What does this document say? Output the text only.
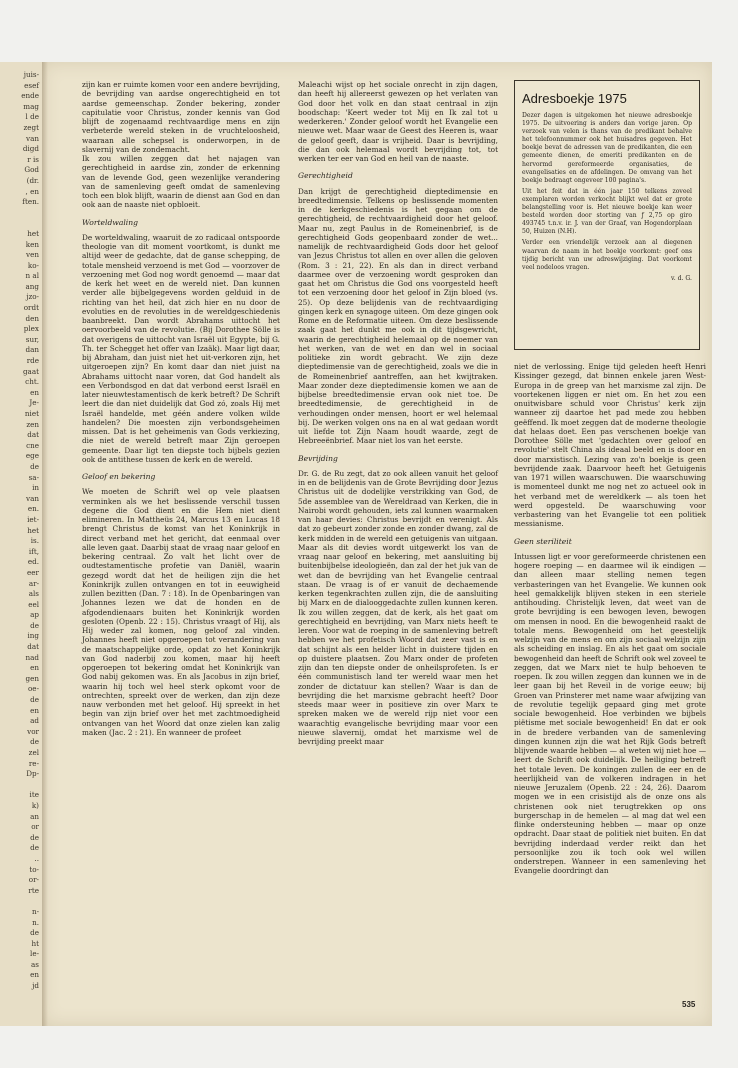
juis-
esef
ende
mag
l de
zegt
van
digd
r is
God
(dr.
, en
ften.

het
ken
ven
ko-
n al
ang
jzo-
ordt
den
plex
sur,
dan
rde
gaat
cht.
en
Je-
niet
zen
dat
cne
ege
de
sa-
in
van
en.
iet-
het
is.
ift,
ed.
eer
ar-
als
eel
ap
de
ing
dat
nad
en
gen
oe-
de
en
ad
vor
de
zel
re-
Dp-

ite
k)
an
or
de
de
..
to-
or-
rte

n-
n.
de
ht
le-
as
en
jd

zijn kan er ruimte komen voor een andere bevrijding, de bevrijding van aardse ongerechtigheid en tot aardse gemeenschap. Zonder bekering, zonder capitulatie voor Christus, zonder kennis van God blijft de zogenaamd rechtvaardige mens en zijn verbeterde wereld steken in de vruchteloosheid, waaraan alle schepsel is onderworpen, in de slavernij van de zondemacht.

Ik zou willen zeggen dat het najagen van gerechtigheid in aardse zin, zonder de erkenning van de levende God, geen wezenlijke verandering van de samenleving geeft omdat de samenleving toch een blok blijft, waarin de dienst aan God en dan ook aan de naaste niet opbloeit.

Worteldwaling

De worteldwaling, waaruit de zo radicaal ontspoorde theologie van dit moment voortkomt, is dunkt me altijd weer de gedachte, dat de ganse schepping, de totale mensheid verzoend is met God — voorzover de verzoening met God nog wordt genoemd — maar dat de kerk het weet en de wereld niet. Dan kunnen verder alle bijbelgegevens worden gelduid in de richting van het heil, dat zich hier en nu door de evoluties en de revoluties in de wereldgeschiedenis baanbreekt. Dan wordt Abrahams uittocht het oervoorbeeld van de revolutie. (Bij Dorothee Sölle is dat overigens de uittocht van Israël uit Egypte, bij G. Th. ter Schegget het offer van Izaäk). Maar ligt daar, bij Abraham, dan juist niet het uit-verkoren zijn, het uitgeroepen zijn? En komt daar dan niet juist na Abrahams uittocht naar voren, dat God handelt als een Verbondsgod en dat dat verbond eerst Israël en later nieuwtestamentisch de kerk betreft? De Schrift leert die dan niet duidelijk dat God zó, zoals Hij met Israël handelde, met géén andere volken wilde handelen? Die moesten zijn verbondsgeheimen missen. Dat is het geheimenis van Gods verkiezing, die niet de wereld betreft maar Zijn geroepen gemeente. Daar ligt ten diepste toch bijbels gezien ook de antithese tussen de kerk en de wereld.

Geloof en bekering

We moeten de Schrift wel op vele plaatsen verminken als we het beslissende verschil tussen degene die God dient en die Hem niet dient elimineren. In Mattheüs 24, Marcus 13 en Lucas 18 brengt Christus de komst van het Koninkrijk in direct verband met het gericht, dat eenmaal over alle leven gaat. Daarbij staat de vraag naar geloof en bekering centraal. Zo valt het licht over de oudtestamentische profetie van Daniël, waarin gezegd wordt dat het de heiligen zijn die het Koninkrijk zullen ontvangen en tot in eeuwigheid zullen bezitten (Dan. 7 : 18). In de Openbaringen van Johannes lezen we dat de honden en de afgodendienaars buiten het Koninkrijk worden gesloten (Openb. 22 : 15). Christus vraagt of Hij, als Hij weder zal komen, nog geloof zal vinden. Johannes heeft niet opgeroepen tot verandering van de maatschappelijke orde, opdat zo het Koninkrijk van God naderbij zou komen, maar hij heeft opgeroepen tot bekering omdat het Koninkrijk van God nabij gekomen was. En als Jacobus in zijn brief, waarin hij toch wel heel sterk opkomt voor de ontrechten, spreekt over de werken, dan zijn deze nauw verbonden met het geloof. Hij spreekt in het begin van zijn brief over het met zachtmoedigheid ontvangen van het Woord dat onze zielen kan zalig maken (Jac. 2 : 21). En wanneer de profeet

Maleachi wijst op het sociale onrecht in zijn dagen, dan heeft hij allereerst gewezen op het verlaten van God door het volk en dan staat centraal in zijn boodschap: 'Keert weder tot Mij en Ik zal tot u wederkeren.' Zonder geloof wordt het Evangelie een nieuwe wet. Maar waar de Geest des Heeren is, waar de geloof geeft, daar is vrijheid. Daar is bevrijding, die dan ook helemaal wordt bevrijding tot, tot werken ter eer van God en heil van de naaste.

Gerechtigheid

Dan krijgt de gerechtigheid dieptedimensie en breedtedimensie. Telkens op beslissende momenten in de kerkgeschiedenis is het gegaan om de gerechtigheid, de rechtvaardigheid door het geloof. Maar nu, zegt Paulus in de Romeinenbrief, is de gerechtigheid Gods geopenbaard zonder de wet... namelijk de rechtvaardigheid Gods door het geloof van Jezus Christus tot allen en over allen die geloven (Rom. 3 : 21, 22). En als dan in direct verband daarmee over de verzoening wordt gesproken dan gaat het om Christus die God ons voorgesteld heeft tot een verzoening door het geloof in Zijn bloed (vs. 25). Op deze belijdenis van de rechtvaardiging gingen kerk en synagoge uiteen. Om deze gingen ook Rome en de Reformatie uiteen. Om deze beslissende zaak gaat het dunkt me ook in dit tijdsgewricht, waarin de gerechtigheid helemaal op de noemer van het werken, van de wet en dan wel in sociaal politieke zin wordt gebracht. We zijn deze dieptedimensie van de gerechtigheid, zoals we die in de Romeinenbrief aantreffen, aan het kwijtraken. Maar zonder deze dieptedimensie komen we aan de bijbelse breedtedimensie ervan ook niet toe. De breedtedimensie, de gerechtigheid in de verhoudingen onder mensen, hoort er wel helemaal bij. De werken volgen ons na en al wat gedaan wordt uit liefde tot Zijn Naam houdt waarde, zegt de Hebreeënbrief. Maar niet los van het eerste.

Bevrijding

Dr. G. de Ru zegt, dat zo ook alleen vanuit het geloof in en de belijdenis van de Grote Bevrijding door Jezus Christus uit de dodelijke verstrikking van God, de 5de assemblee van de Wereldraad van Kerken, die in Nairobi wordt gehouden, iets zal kunnen waarmaken van haar devies: Christus bevrijdt en verenigt. Als dat zo gebeurt zonder zonde en zonder dwang, zal de kerk midden in de wereld een getuigenis van uitgaan. Maar als dit devies wordt uitgewerkt los van de vraag naar geloof en bekering, met aansluiting bij buitenbijbelse ideologieën, dan zal der het juk van de wet dan de bevrijding van het Evangelie centraal staan. De vraag is of er vanuit de dechaemende kerken tegenkrachten zullen zijn, die de aansluiting bij Marx en de dialooggedachte zullen kunnen keren. Ik zou willen zeggen, dat de kerk, als het gaat om gerechtigheid en bevrijding, van Marx niets heeft te leren. Voor wat de roeping in de samenleving betreft hebben we het profetisch Woord dat zeer vast is en dat schijnt als een helder licht in duistere tijden en op duistere plaatsen. Zou Marx onder de profeten zijn dan ten diepste onder de onheilsprofeten. Is er één communistisch land ter wereld waar men het zonder de dictatuur kan stellen? Waar is dan de bevrijding die het marxisme gebracht heeft? Door steeds maar weer in positieve zin over Marx te spreken maken we de wereld rijp niet voor een waarachtig evangelische bevrijding maar voor een nieuwe slavernij, omdat het marxisme wel de bevrijding preekt maar

Adresboekje 1975

Dezer dagen is uitgekomen het nieuwe adresboekje 1975. De uitvoering is anders dan vorige jaren. Op verzoek van velen is thans van de predikant behalve het telefoonnummer ook het huisadres gegeven. Het boekje bevat de adressen van de predikanten, die een gemeente dienen, de emeriti predikanten en de hervormd gereformeerde organisaties, de evangelisaties en de afdelingen. De omvang van het boekje bedraagt ongeveer 100 pagina's.

Uit het feit dat in één jaar 150 telkens zoveel exemplaren worden verkocht blijkt wel dat er grote belangstelling voor is. Het nieuwe boekje kan weer besteld worden door storting van ƒ 2,75 op giro 493745 t.n.v. ir. J. van der Graaf, van Hogendorplaan 50, Huizen (N.H).

Verder een vriendelijk verzoek aan al diegenen waarvan de naam in het boekje voorkomt: geef ons tijdig bericht van uw adreswijziging. Dat voorkomt veel nodeloos vragen.

v. d. G.

niet de verlossing. Enige tijd geleden heeft Henri Kissinger gezegd, dat binnen enkele jaren West-Europa in de greep van het marxisme zal zijn. De voortekenen liggen er niet om. En het zou een onuitwisbare schuld voor Christus' kerk zijn wanneer zij daartoe het pad mede zou hebben geëffend. Ik moet zeggen dat de moderne theologie dat helaas doet. Een pas verschenen boekje van Dorothee Sölle met 'gedachten over geloof en revolutie' stelt China als ideaal beeld en is door en door marxistisch. Lezing van zo'n boekje is geen bevrijdende zaak. Daarvoor heeft het Getuigenis van 1971 willen waarschuwen. Die waarschuwing is momenteel dunkt me nog net zo actueel ook in het verband met de wereldkerk — als toen het werd opgesteld. De waarschuwing voor verbastering van het Evangelie tot een politiek messianisme.

Geen steriliteit

Intussen ligt er voor gereformeerde christenen een hogere roeping — en daarmee wil ik eindigen — dan alleen maar stelling nemen tegen verbasteringen van het Evangelie. We kunnen ook heel gemakkelijk blijven steken in een steriele antihouding. Christelijk leven, dat weet van de grote bevrijding is een bewogen leven, bewogen om mensen in nood. En die bewogenheid raakt de totale mens. Bewogenheid om het geestelijk welzijn van de mens en om zijn sociaal welzijn zijn als scheiding en inslag. En als het gaat om sociale bewogenheid dan heeft de Schrift ook wel zoveel te zeggen, dat we Marx niet te hulp behoeven te roepen. Ik zou willen zeggen dan kunnen we in de leer gaan bij het Reveil in de vorige eeuw; bij Groen van Prinsterer met name waar afwijzing van de revolutie tegelijk gepaard ging met grote sociale bewogenheid. Hoe verbinden we bijbels piëtisme met sociale bewogenheid! En dat er ook in de bredere verbanden van de samenleving dingen kunnen zijn die wat het Rijk Gods betreft blijvende waarde hebben — al weten wij niet hoe — leert de Schrift ook duidelijk. De heiliging betreft het totale leven. De koningen zullen de eer en de heerlijkheid van de volkeren indragen in het nieuwe Jeruzalem (Openb. 22 : 24, 26). Daarom mogen we in een crisistijd als de onze ons als christenen ook niet terugtrekken op ons burgerschap in de hemelen — al mag dat wel een flinke ondersteuning hebben — maar op onze opdracht. Daar staat de politiek niet buiten. En dat bevrijding inderdaad verder reikt dan het persoonlijke zou ik toch ook wel willen onderstrepen. Wanneer in een samenleving het Evangelie doordringt dan

535
